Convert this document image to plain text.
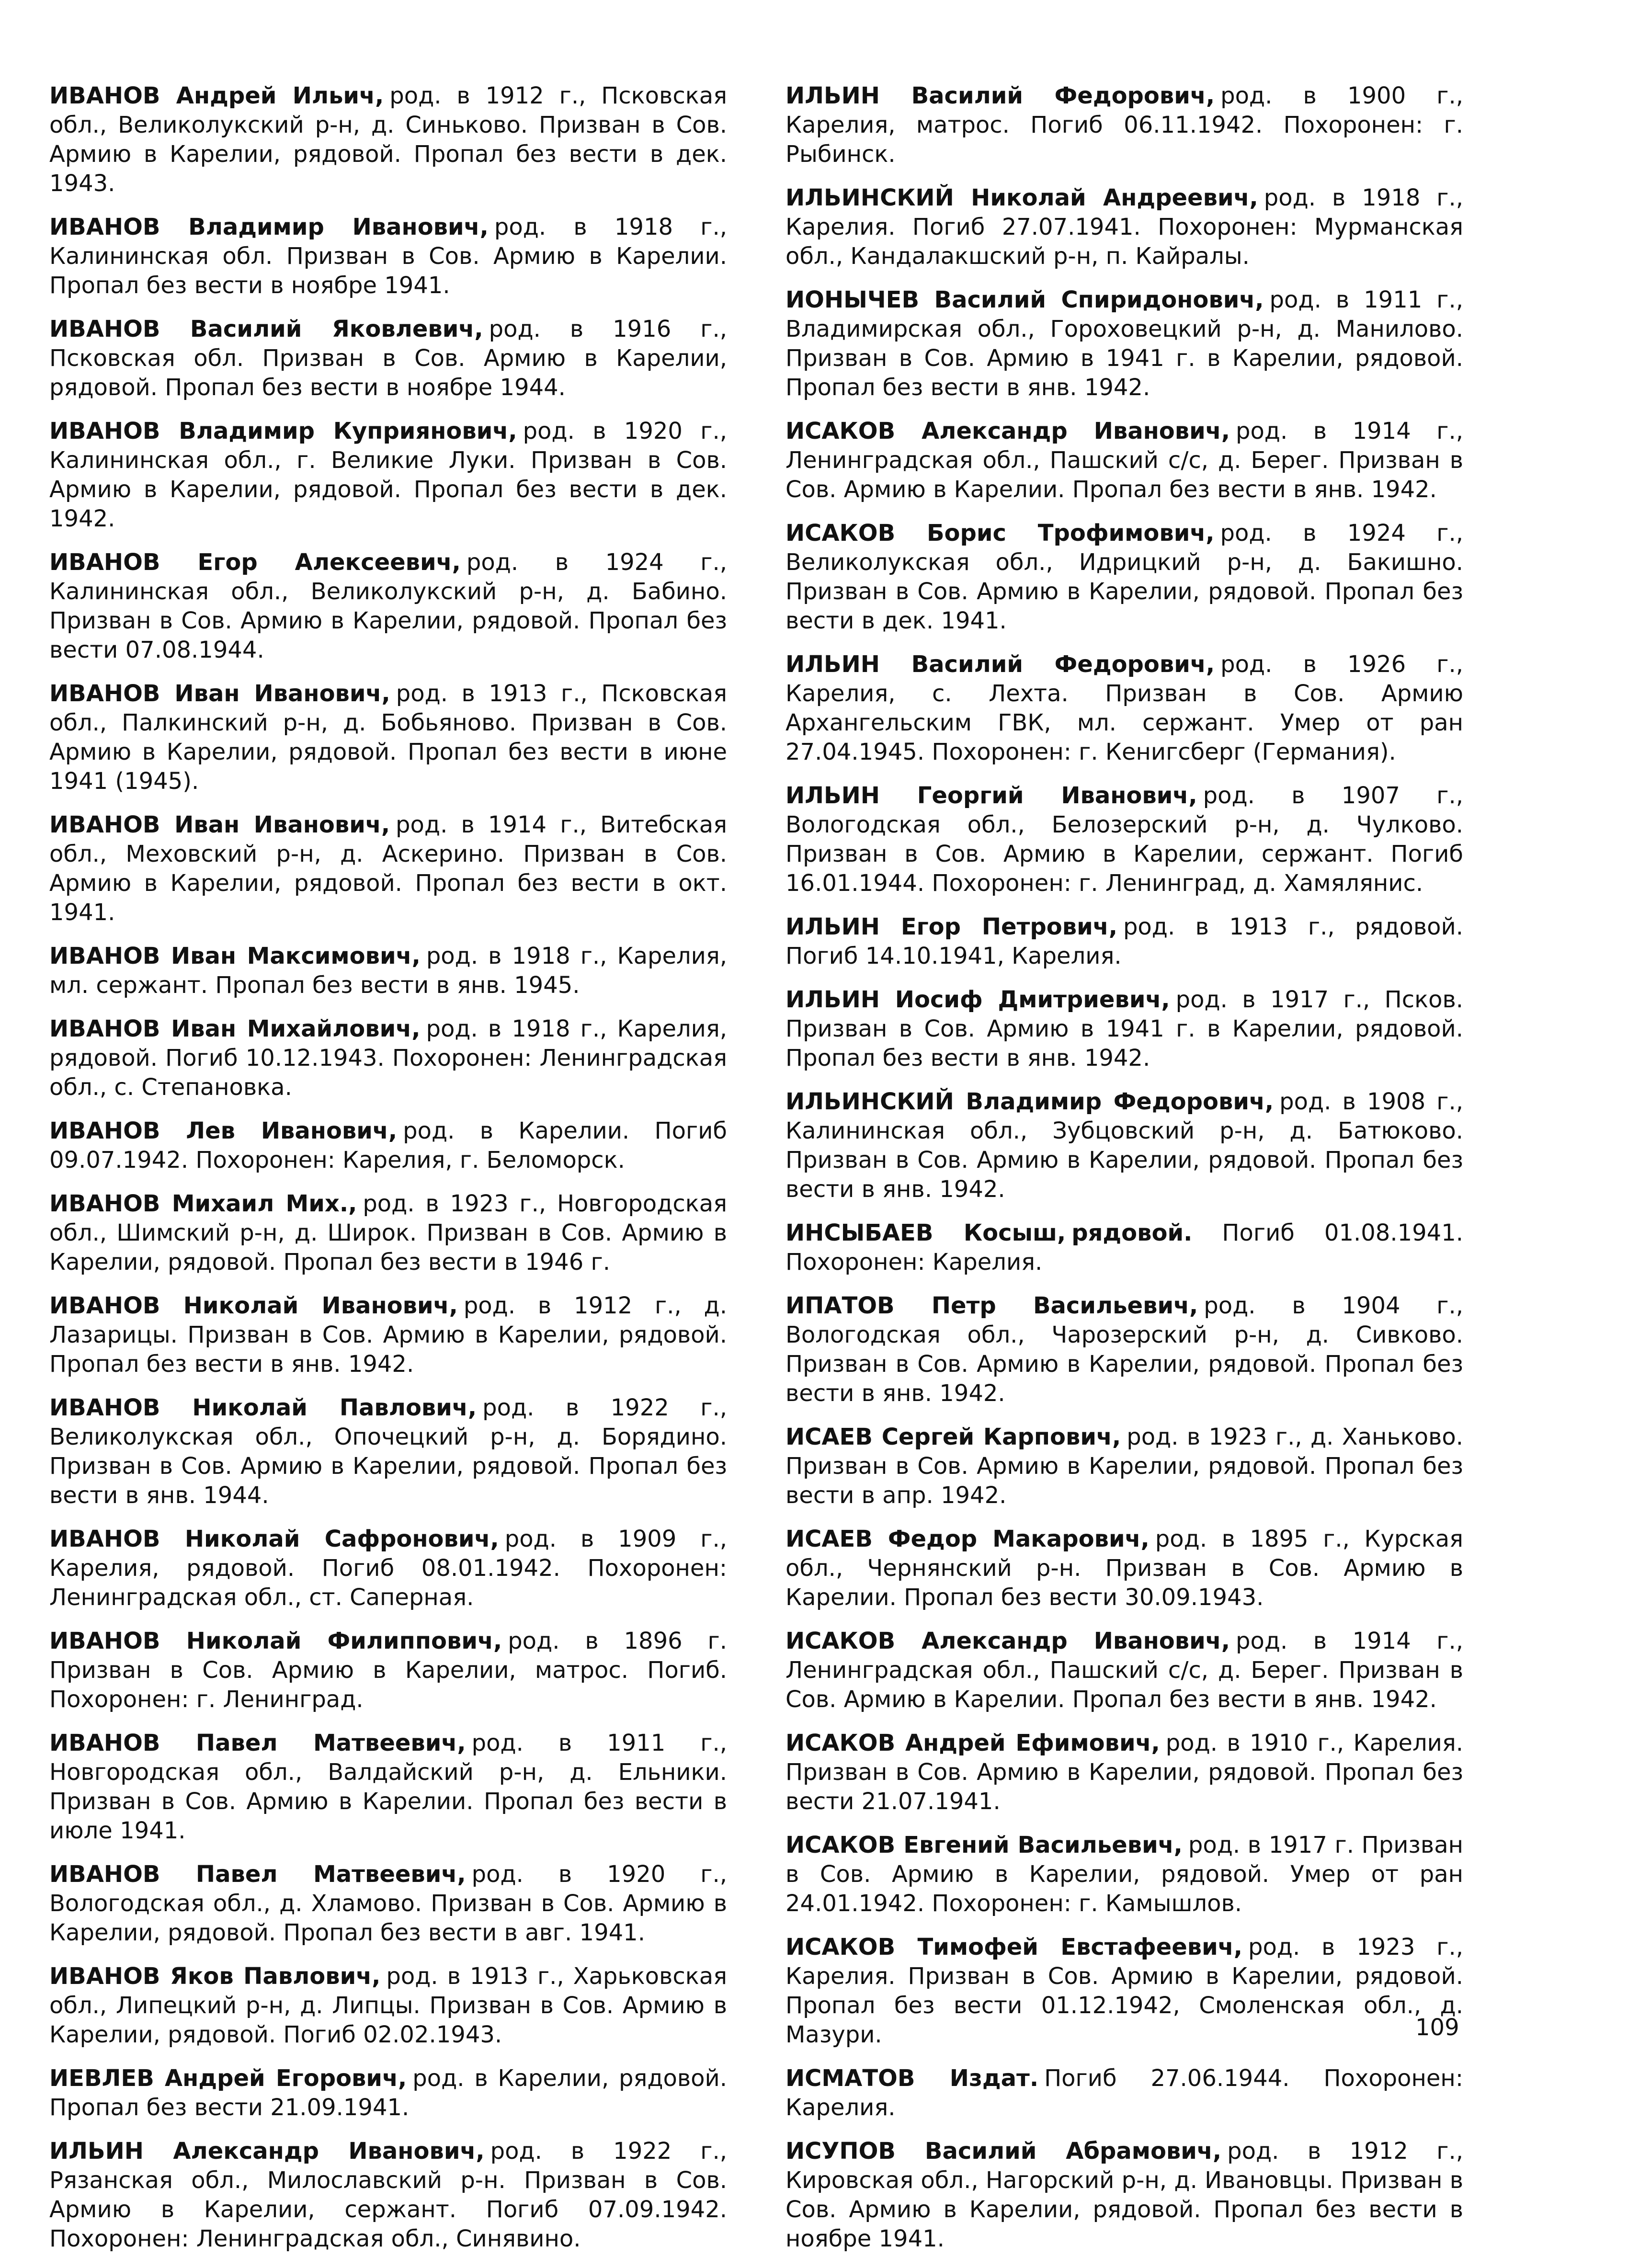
ИВАНОВ Андрей Ильич, род. в 1912 г., Псковская обл., Великолукский р-н, д. Синьково. Призван в Сов. Армию в Карелии, рядовой. Пропал без вести в дек. 1943.

ИВАНОВ Владимир Иванович, род. в 1918 г., Калининская обл. Призван в Сов. Армию в Карелии. Пропал без вести в ноябре 1941.

ИВАНОВ Василий Яковлевич, род. в 1916 г., Псковская обл. Призван в Сов. Армию в Карелии, рядовой. Пропал без вести в ноябре 1944.

ИВАНОВ Владимир Куприянович, род. в 1920 г., Калининская обл., г. Великие Луки. Призван в Сов. Армию в Карелии, рядовой. Пропал без вести в дек. 1942.

ИВАНОВ Егор Алексеевич, род. в 1924 г., Калининская обл., Великолукский р-н, д. Бабино. Призван в Сов. Армию в Карелии, рядовой. Пропал без вести 07.08.1944.

ИВАНОВ Иван Иванович, род. в 1913 г., Псковская обл., Палкинский р-н, д. Бобьяново. Призван в Сов. Армию в Карелии, рядовой. Пропал без вести в июне 1941 (1945).

ИВАНОВ Иван Иванович, род. в 1914 г., Витебская обл., Меховский р-н, д. Аскерино. Призван в Сов. Армию в Карелии, рядовой. Пропал без вести в окт. 1941.

ИВАНОВ Иван Максимович, род. в 1918 г., Карелия, мл. сержант. Пропал без вести в янв. 1945.

ИВАНОВ Иван Михайлович, род. в 1918 г., Карелия, рядовой. Погиб 10.12.1943. Похоронен: Ленинградская обл., с. Степановка.

ИВАНОВ Лев Иванович, род. в Карелии. Погиб 09.07.1942. Похоронен: Карелия, г. Беломорск.

ИВАНОВ Михаил Мих., род. в 1923 г., Новгородская обл., Шимский р-н, д. Широк. Призван в Сов. Армию в Карелии, рядовой. Пропал без вести в 1946 г.

ИВАНОВ Николай Иванович, род. в 1912 г., д. Лазарицы. Призван в Сов. Армию в Карелии, рядовой. Пропал без вести в янв. 1942.

ИВАНОВ Николай Павлович, род. в 1922 г., Великолукская обл., Опочецкий р-н, д. Борядино. Призван в Сов. Армию в Карелии, рядовой. Пропал без вести в янв. 1944.

ИВАНОВ Николай Сафронович, род. в 1909 г., Карелия, рядовой. Погиб 08.01.1942. Похоронен: Ленинградская обл., ст. Саперная.

ИВАНОВ Николай Филиппович, род. в 1896 г. Призван в Сов. Армию в Карелии, матрос. Погиб. Похоронен: г. Ленинград.

ИВАНОВ Павел Матвеевич, род. в 1911 г., Новгородская обл., Валдайский р-н, д. Ельники. Призван в Сов. Армию в Карелии. Пропал без вести в июле 1941.

ИВАНОВ Павел Матвеевич, род. в 1920 г., Вологодская обл., д. Хламово. Призван в Сов. Армию в Карелии, рядовой. Пропал без вести в авг. 1941.

ИВАНОВ Яков Павлович, род. в 1913 г., Харьковская обл., Липецкий р-н, д. Липцы. Призван в Сов. Армию в Карелии, рядовой. Погиб 02.02.1943.

ИЕВЛЕВ Андрей Егорович, род. в Карелии, рядовой. Пропал без вести 21.09.1941.

ИЛЬИН Александр Иванович, род. в 1922 г., Рязанская обл., Милославский р-н. Призван в Сов. Армию в Карелии, сержант. Погиб 07.09.1942. Похоронен: Ленинградская обл., Синявино.

ИЛЬИН Василий Федорович, род. в 1900 г., Карелия, матрос. Погиб 06.11.1942. Похоронен: г. Рыбинск.

ИЛЬИНСКИЙ Николай Андреевич, род. в 1918 г., Карелия. Погиб 27.07.1941. Похоронен: Мурманская обл., Кандалакшский р-н, п. Кайралы.

ИОНЫЧЕВ Василий Спиридонович, род. в 1911 г., Владимирская обл., Гороховецкий р-н, д. Манилово. Призван в Сов. Армию в 1941 г. в Карелии, рядовой. Пропал без вести в янв. 1942.

ИСАКОВ Александр Иванович, род. в 1914 г., Ленинградская обл., Пашский с/с, д. Берег. Призван в Сов. Армию в Карелии. Пропал без вести в янв. 1942.

ИСАКОВ Борис Трофимович, род. в 1924 г., Великолукская обл., Идрицкий р-н, д. Бакишно. Призван в Сов. Армию в Карелии, рядовой. Пропал без вести в дек. 1941.

ИЛЬИН Василий Федорович, род. в 1926 г., Карелия, с. Лехта. Призван в Сов. Армию Архангельским ГВК, мл. сержант. Умер от ран 27.04.1945. Похоронен: г. Кенигсберг (Германия).

ИЛЬИН Георгий Иванович, род. в 1907 г., Вологодская обл., Белозерский р-н, д. Чулково. Призван в Сов. Армию в Карелии, сержант. Погиб 16.01.1944. Похоронен: г. Ленинград, д. Хамялянис.

ИЛЬИН Егор Петрович, род. в 1913 г., рядовой. Погиб 14.10.1941, Карелия.

ИЛЬИН Иосиф Дмитриевич, род. в 1917 г., Псков. Призван в Сов. Армию в 1941 г. в Карелии, рядовой. Пропал без вести в янв. 1942.

ИЛЬИНСКИЙ Владимир Федорович, род. в 1908 г., Калининская обл., Зубцовский р-н, д. Батюково. Призван в Сов. Армию в Карелии, рядовой. Пропал без вести в янв. 1942.

ИНСЫБАЕВ Косыш, рядовой. Погиб 01.08.1941. Похоронен: Карелия.

ИПАТОВ Петр Васильевич, род. в 1904 г., Вологодская обл., Чарозерский р-н, д. Сивково. Призван в Сов. Армию в Карелии, рядовой. Пропал без вести в янв. 1942.

ИСАЕВ Сергей Карпович, род. в 1923 г., д. Ханьково. Призван в Сов. Армию в Карелии, рядовой. Пропал без вести в апр. 1942.

ИСАЕВ Федор Макарович, род. в 1895 г., Курская обл., Чернянский р-н. Призван в Сов. Армию в Карелии. Пропал без вести 30.09.1943.

ИСАКОВ Александр Иванович, род. в 1914 г., Ленинградская обл., Пашский с/с, д. Берег. Призван в Сов. Армию в Карелии. Пропал без вести в янв. 1942.

ИСАКОВ Андрей Ефимович, род. в 1910 г., Карелия. Призван в Сов. Армию в Карелии, рядовой. Пропал без вести 21.07.1941.

ИСАКОВ Евгений Васильевич, род. в 1917 г. Призван в Сов. Армию в Карелии, рядовой. Умер от ран 24.01.1942. Похоронен: г. Камышлов.

ИСАКОВ Тимофей Евстафеевич, род. в 1923 г., Карелия. Призван в Сов. Армию в Карелии, рядовой. Пропал без вести 01.12.1942, Смоленская обл., д. Мазури.

ИСМАТОВ Издат. Погиб 27.06.1944. Похоронен: Карелия.

ИСУПОВ Василий Абрамович, род. в 1912 г., Кировская обл., Нагорский р-н, д. Ивановцы. Призван в Сов. Армию в Карелии, рядовой. Пропал без вести в ноябре 1941.

109
